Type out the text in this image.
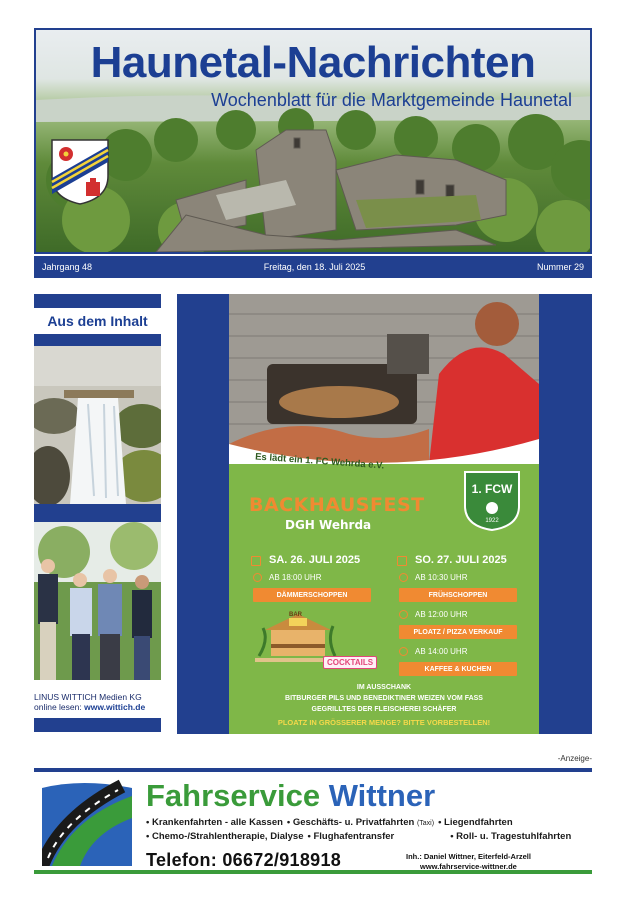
Haunetal-Nachrichten
Wochenblatt für die Marktgemeinde Haunetal
Jahrgang 48	Freitag, den 18. Juli 2025	Nummer 29
Aus dem Inhalt
LINUS WITTICH Medien KG
online lesen: www.wittich.de
Es lädt ein 1. FC Wehrda e.V.
1. FCW
1922
BACKHAUSFEST
DGH Wehrda
SA. 26. JULI 2025
AB 18:00 UHR
DÄMMERSCHOPPEN
SO. 27. JULI 2025
AB 10:30 UHR
FRÜHSCHOPPEN
AB 12:00 UHR
PLOATZ / PIZZA VERKAUF
AB 14:00 UHR
KAFFEE & KUCHEN
BAR
COCKTAILS
IM AUSSCHANK
BITBURGER PILS UND BENEDIKTINER WEIZEN VOM FASS
GEGRILLTES DER FLEISCHEREI SCHÄFER
PLOATZ IN GRÖSSERER MENGE? BITTE VORBESTELLEN!
-Anzeige-
Fahrservice Wittner
• Krankenfahrten - alle Kassen • Geschäfts- u. Privatfahrten (Taxi) • Liegendfahrten
• Chemo-/Strahlentherapie, Dialyse • Flughafentransfer	• Roll- u. Tragestuhlfahrten
Telefon: 06672/918918	Inh.: Daniel Wittner, Eiterfeld-Arzell
www.fahrservice-wittner.de
